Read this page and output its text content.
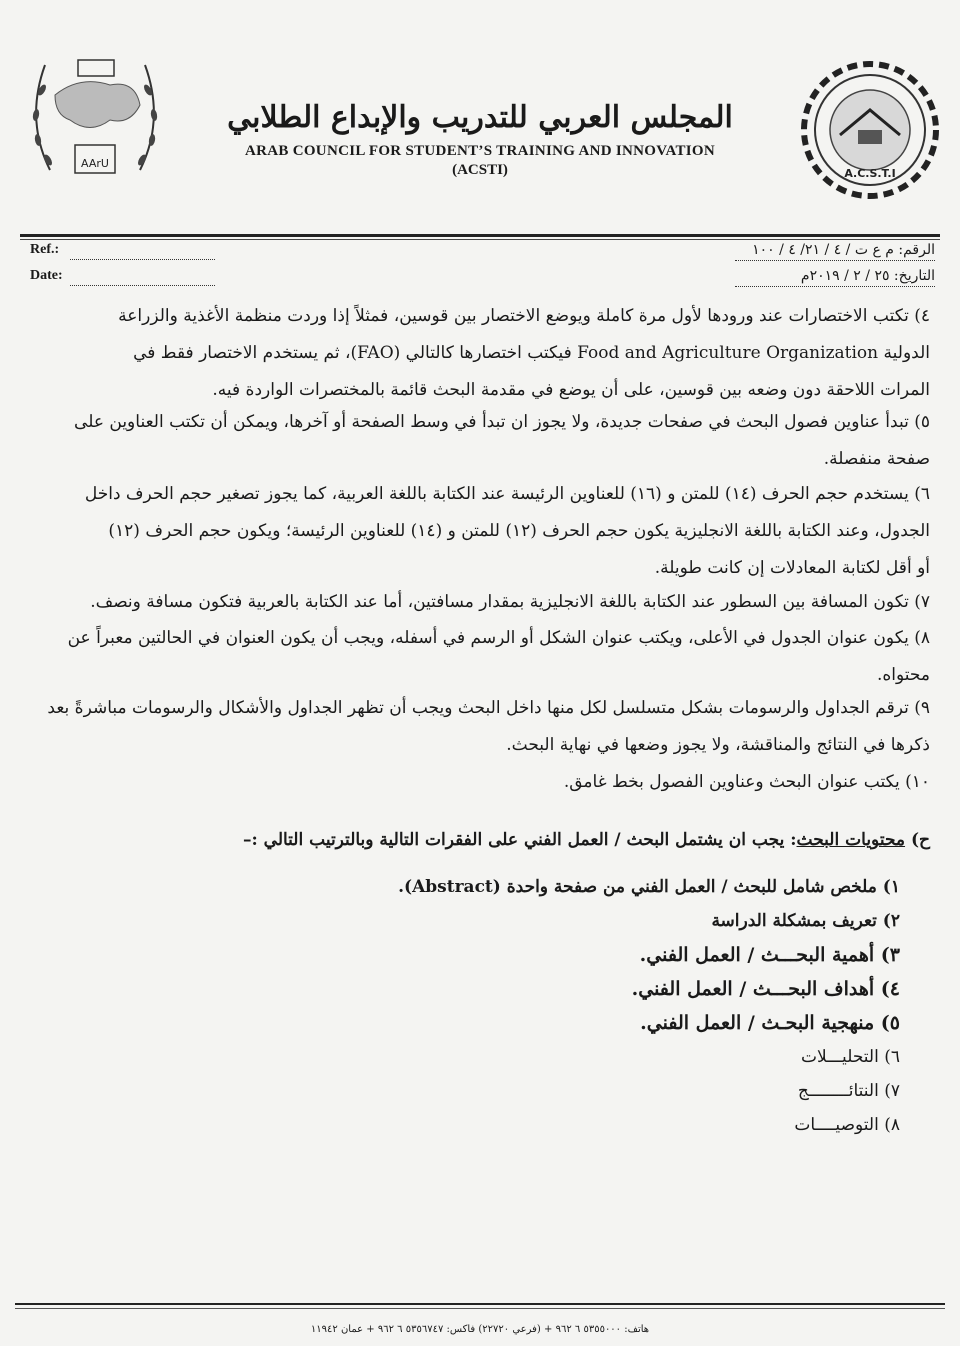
AArU
A.C.S.T.I
المجلس العربي للتدريب والإبداع الطلابي
ARAB COUNCIL FOR STUDENT’S TRAINING AND INNOVATION
(ACSTI)
Ref.:
Date:
الرقم: م ع ت / ٤ / ٢١/ ٤ / ١٠٠
التاريخ: ٢٥ / ٢ / ٢٠١٩م
٤) تكتب الاختصارات عند ورودها لأول مرة كاملة ويوضع الاختصار بين قوسين، فمثلاً إذا وردت منظمة الأغذية والزراعة
الدولية Food and Agriculture Organization فيكتب اختصارها كالتالي (FAO)، ثم يستخدم الاختصار فقط في
المرات اللاحقة دون وضعه بين قوسين، على أن يوضع في مقدمة البحث قائمة بالمختصرات الواردة فيه.
٥) تبدأ عناوين فصول البحث في صفحات جديدة، ولا يجوز ان تبدأ في وسط الصفحة أو آخرها، ويمكن أن تكتب العناوين على
صفحة منفصلة.
٦) يستخدم حجم الحرف (١٤) للمتن و (١٦) للعناوين الرئيسة عند الكتابة باللغة العربية، كما يجوز تصغير حجم الحرف داخل
الجدول، وعند الكتابة باللغة الانجليزية يكون حجم الحرف (١٢) للمتن و (١٤) للعناوين الرئيسة؛ ويكون حجم الحرف (١٢)
أو أقل لكتابة المعادلات إن كانت طويلة.
٧) تكون المسافة بين السطور عند الكتابة باللغة الانجليزية بمقدار مسافتين، أما عند الكتابة بالعربية فتكون مسافة ونصف.
٨) يكون عنوان الجدول في الأعلى، ويكتب عنوان الشكل أو الرسم في أسفله، ويجب أن يكون العنوان في الحالتين معبراً عن
محتواه.
٩) ترقم الجداول والرسومات بشكل متسلسل لكل منها داخل البحث ويجب أن تظهر الجداول والأشكال والرسومات مباشرةً بعد
ذكرها في النتائج والمناقشة، ولا يجوز وضعها في نهاية البحث.
١٠) يكتب عنوان البحث وعناوين الفصول بخط غامق.
ح) محتويات البحث: يجب ان يشتمل البحث / العمل الفني على الفقرات التالية وبالترتيب التالي :–
١) ملخص شامل للبحث / العمل الفني من صفحة واحدة (Abstract).
٢) تعريف بمشكلة الدراسة
٣) أهمية البحـــث / العمل الفني.
٤) أهداف البحـــث / العمل الفني.
٥) منهجية البحـث / العمل الفني.
٦) التحليـــلات
٧) النتائــــــــج
٨) التوصيــــات
هاتف: ٥٣٥٥٠٠٠ ٦ ٩٦٢ + (فرعي ٢٢٧٢٠) فاكس: ٥٣٥٦٧٤٧ ٦ ٩٦٢ + عمان ١١٩٤٢
